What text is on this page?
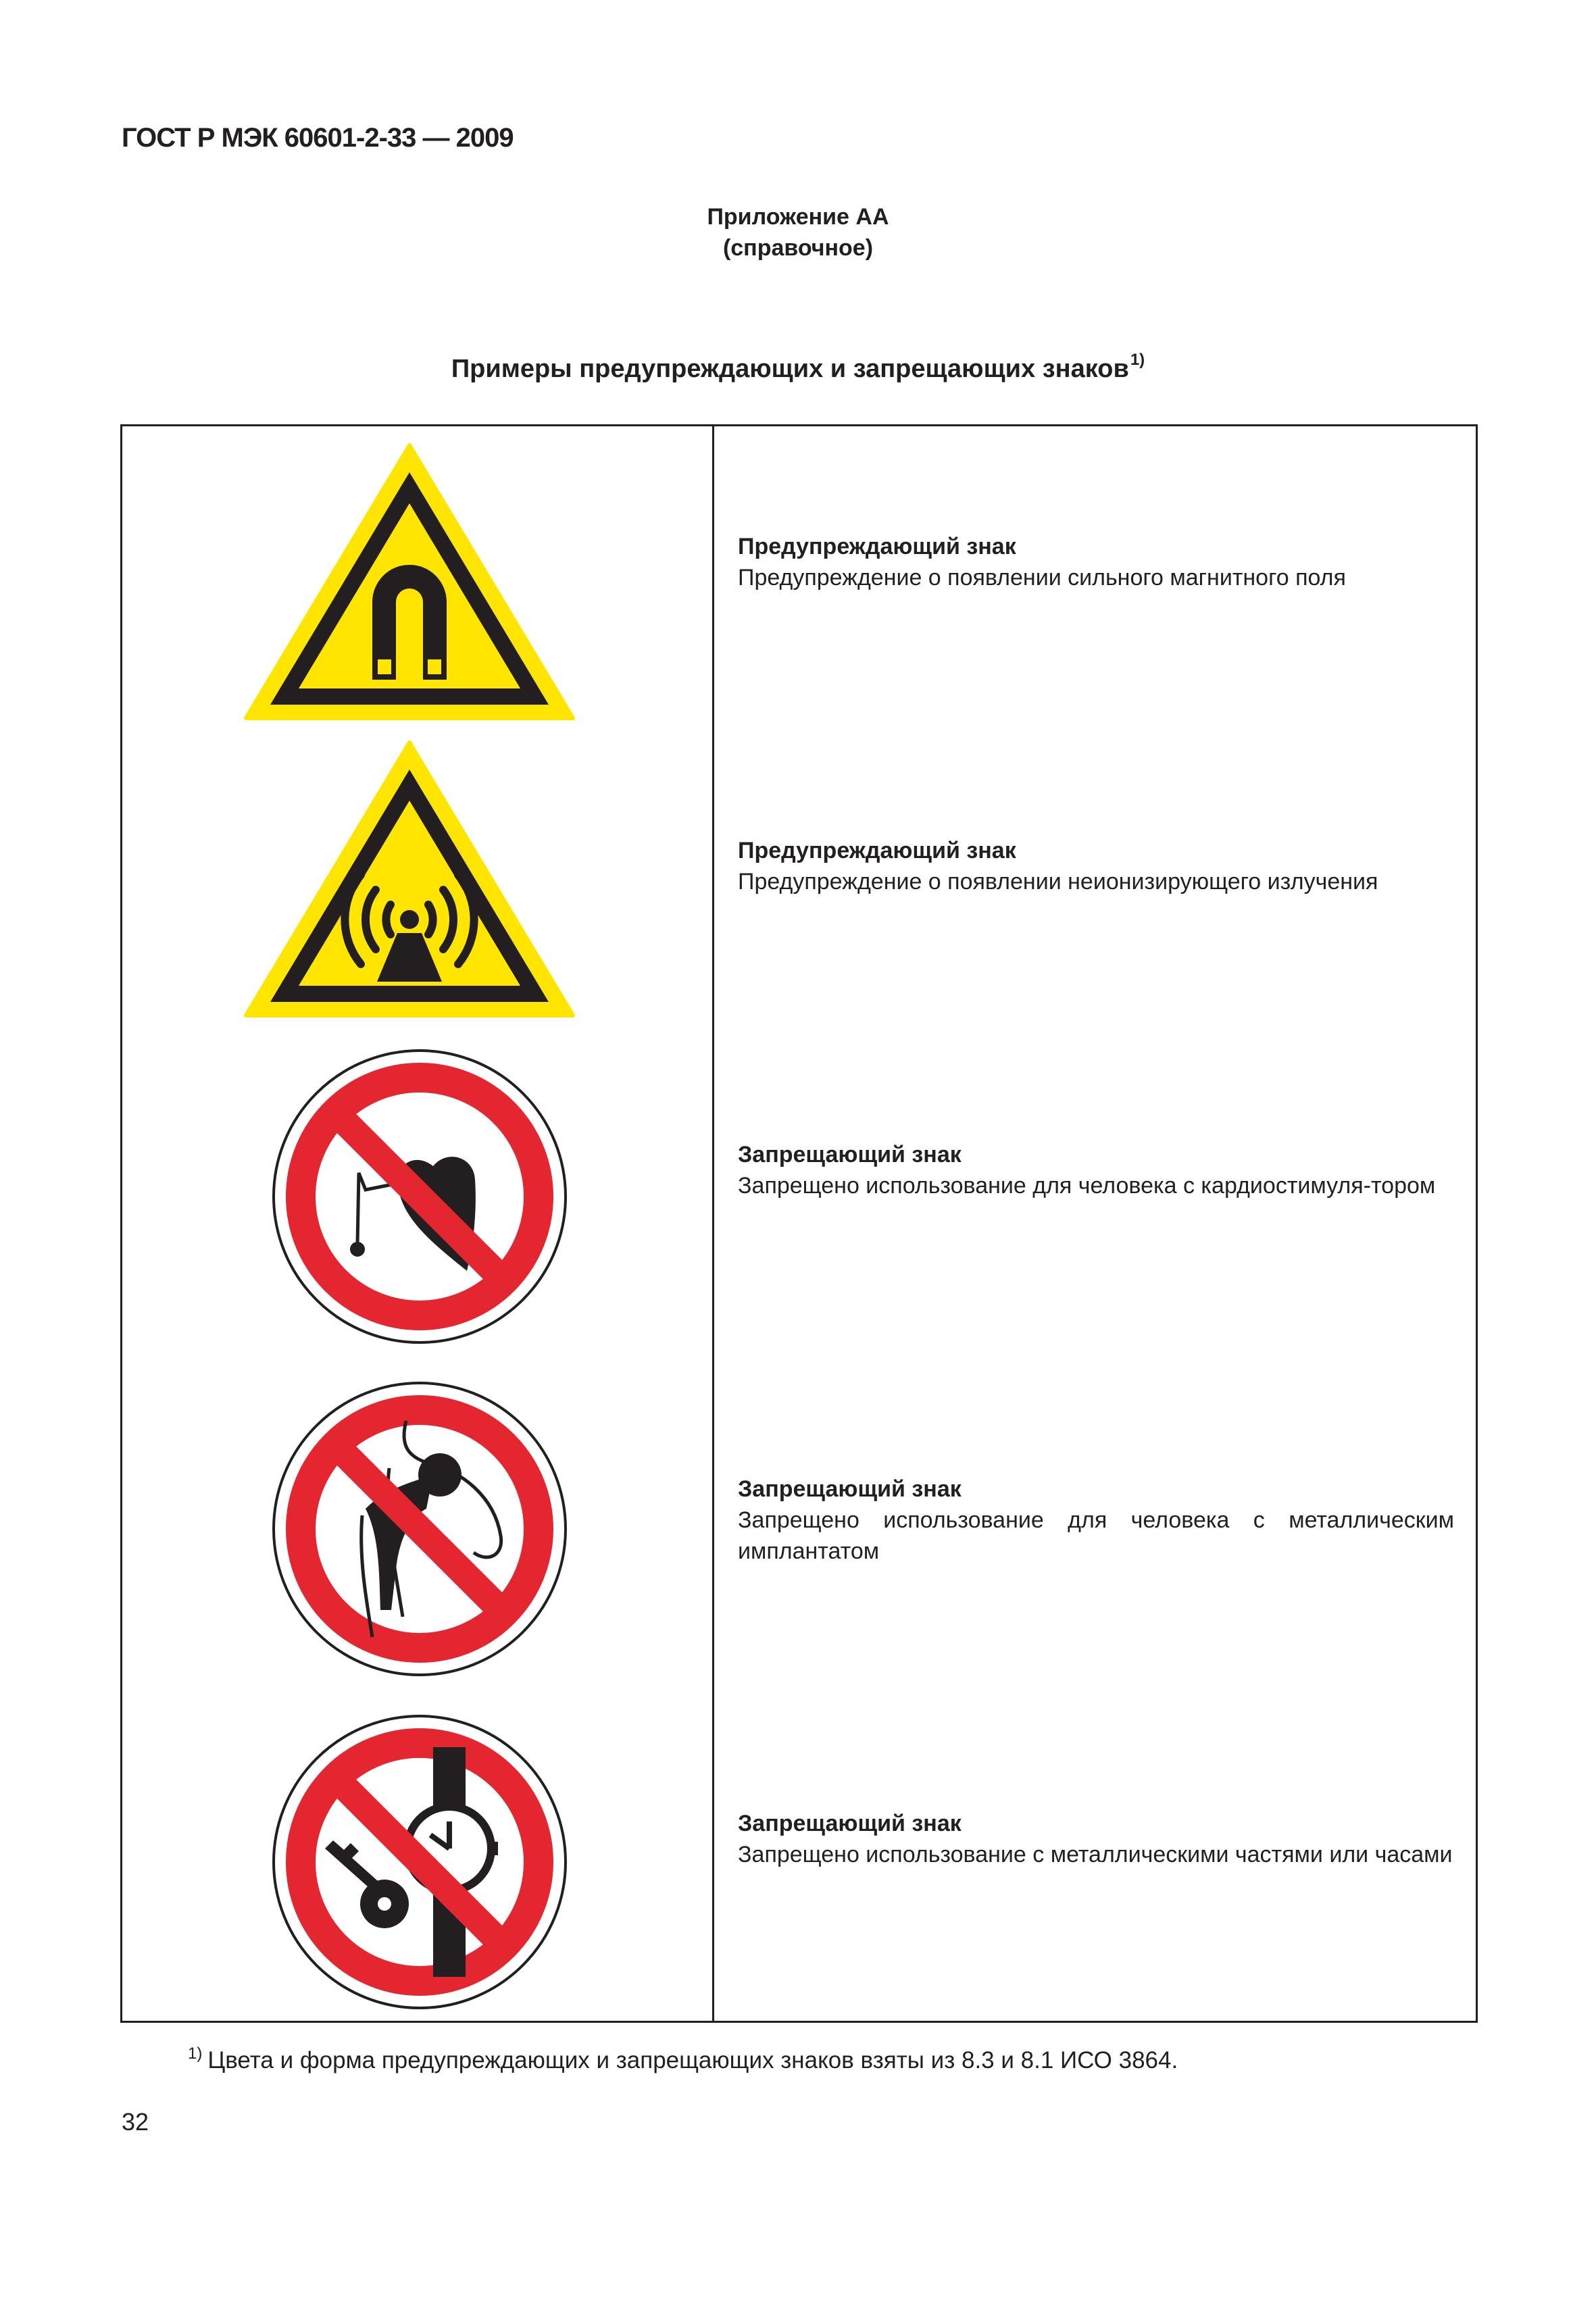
ГОСТ Р МЭК 60601-2-33 — 2009
Приложение АА
(справочное)
Примеры предупреждающих и запрещающих знаков$^{1)}$
Предупреждающий знак
Предупреждение о появлении сильного магнитного поля
Предупреждающий знак
Предупреждение о появлении неионизирующего излучения
Запрещающий знак
Запрещено использование для человека с кардиостимуля-тором
Запрещающий знак
Запрещено использование для человека с металлическим имплантатом
Запрещающий знак
Запрещено использование с металлическими частями или часами
$^{1)}$ Цвета и форма предупреждающих и запрещающих знаков взяты из 8.3 и 8.1 ИСО 3864.
32
